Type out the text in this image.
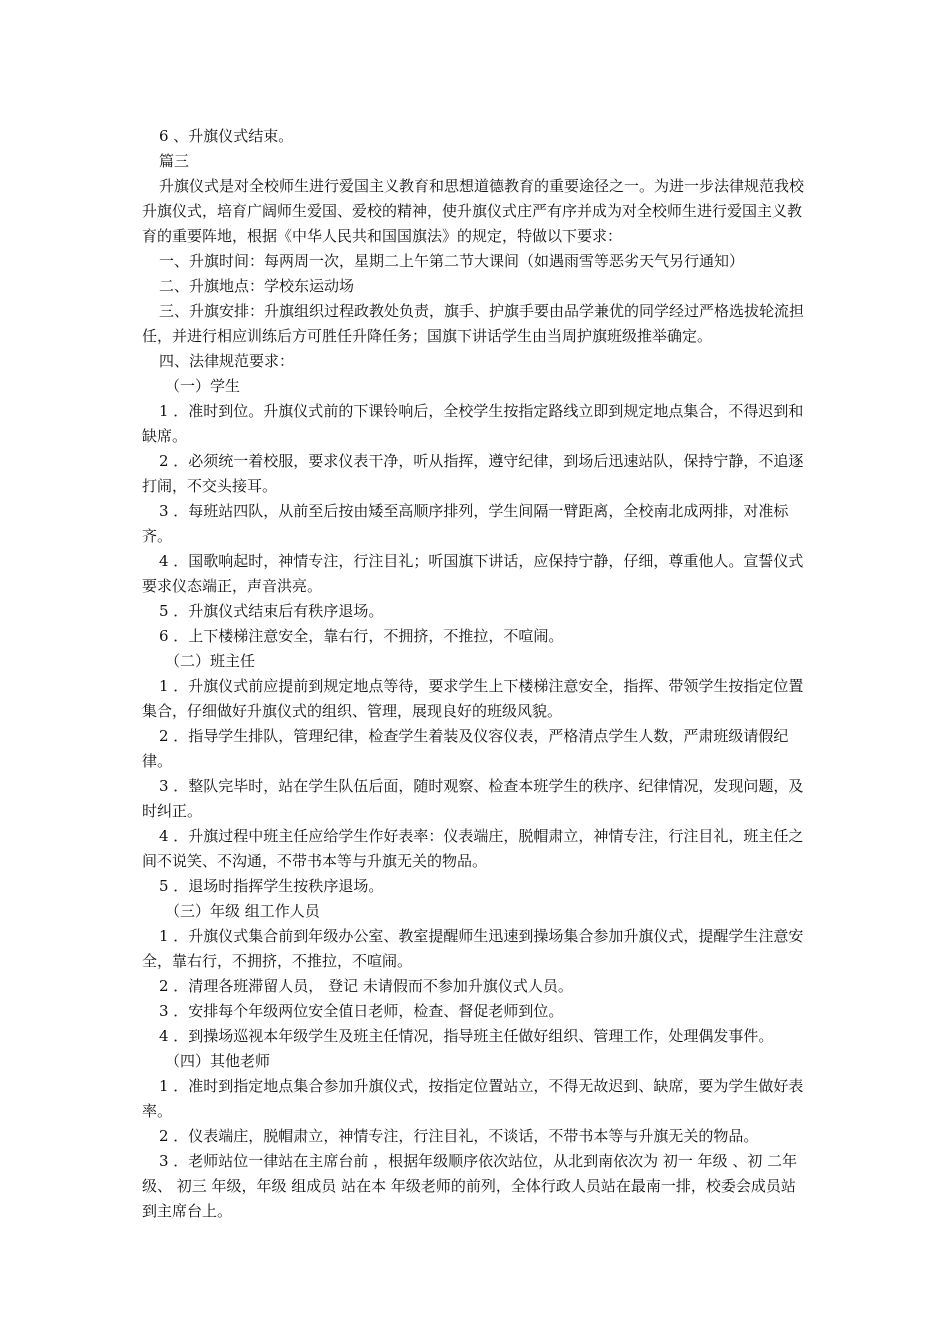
6 、升旗仪式结束。

篇三

升旗仪式是对全校师生进行爱国主义教育和思想道德教育的重要途径之一。为进一步法律规范我校升旗仪式，培育广阔师生爱国、爱校的精神，使升旗仪式庄严有序并成为对全校师生进行爱国主义教育的重要阵地，根据《中华人民共和国国旗法》的规定，特做以下要求：

一、升旗时间：每两周一次，星期二上午第二节大课间（如遇雨雪等恶劣天气另行通知）

二、升旗地点：学校东运动场

三、升旗安排：升旗组织过程政教处负责，旗手、护旗手要由品学兼优的同学经过严格选拔轮流担任，并进行相应训练后方可胜任升降任务；国旗下讲话学生由当周护旗班级推举确定。

四、法律规范要求：

（一）学生

1 ．准时到位。升旗仪式前的下课铃响后，全校学生按指定路线立即到规定地点集合，不得迟到和缺席。

2 ．必须统一着校服，要求仪表干净，听从指挥，遵守纪律，到场后迅速站队，保持宁静，不追逐打闹，不交头接耳。

3 ．每班站四队，从前至后按由矮至高顺序排列，学生间隔一臂距离，全校南北成两排，对准标齐。

4 ．国歌响起时，神情专注，行注目礼；听国旗下讲话，应保持宁静，仔细，尊重他人。宣誓仪式要求仪态端正，声音洪亮。

5 ．升旗仪式结束后有秩序退场。

6 ．上下楼梯注意安全，靠右行，不拥挤，不推拉，不喧闹。

（二）班主任

1 ．升旗仪式前应提前到规定地点等待，要求学生上下楼梯注意安全，指挥、带领学生按指定位置集合，仔细做好升旗仪式的组织、管理，展现良好的班级风貌。

2 ．指导学生排队，管理纪律，检查学生着装及仪容仪表，严格清点学生人数，严肃班级请假纪律。

3 ．整队完毕时，站在学生队伍后面，随时观察、检查本班学生的秩序、纪律情况，发现问题，及时纠正。

4 ．升旗过程中班主任应给学生作好表率：仪表端庄，脱帽肃立，神情专注，行注目礼，班主任之间不说笑、不沟通，不带书本等与升旗无关的物品。

5 ．退场时指挥学生按秩序退场。

（三）年级 组工作人员

1 ．升旗仪式集合前到年级办公室、教室提醒师生迅速到操场集合参加升旗仪式，提醒学生注意安全，靠右行，不拥挤，不推拉，不喧闹。

2 ．清理各班滞留人员， 登记 未请假而不参加升旗仪式人员。

3 ．安排每个年级两位安全值日老师，检查、督促老师到位。

4 ．到操场巡视本年级学生及班主任情况，指导班主任做好组织、管理工作，处理偶发事件。

（四）其他老师

1 ．准时到指定地点集合参加升旗仪式，按指定位置站立，不得无故迟到、缺席，要为学生做好表率。

2 ．仪表端庄，脱帽肃立，神情专注，行注目礼，不谈话，不带书本等与升旗无关的物品。

3 ．老师站位一律站在主席台前 ，根据年级顺序依次站位，从北到南依次为 初一 年级 、初 二年级、 初三 年级，年级 组成员 站在本 年级老师的前列，全体行政人员站在最南一排，校委会成员站到主席台上。
